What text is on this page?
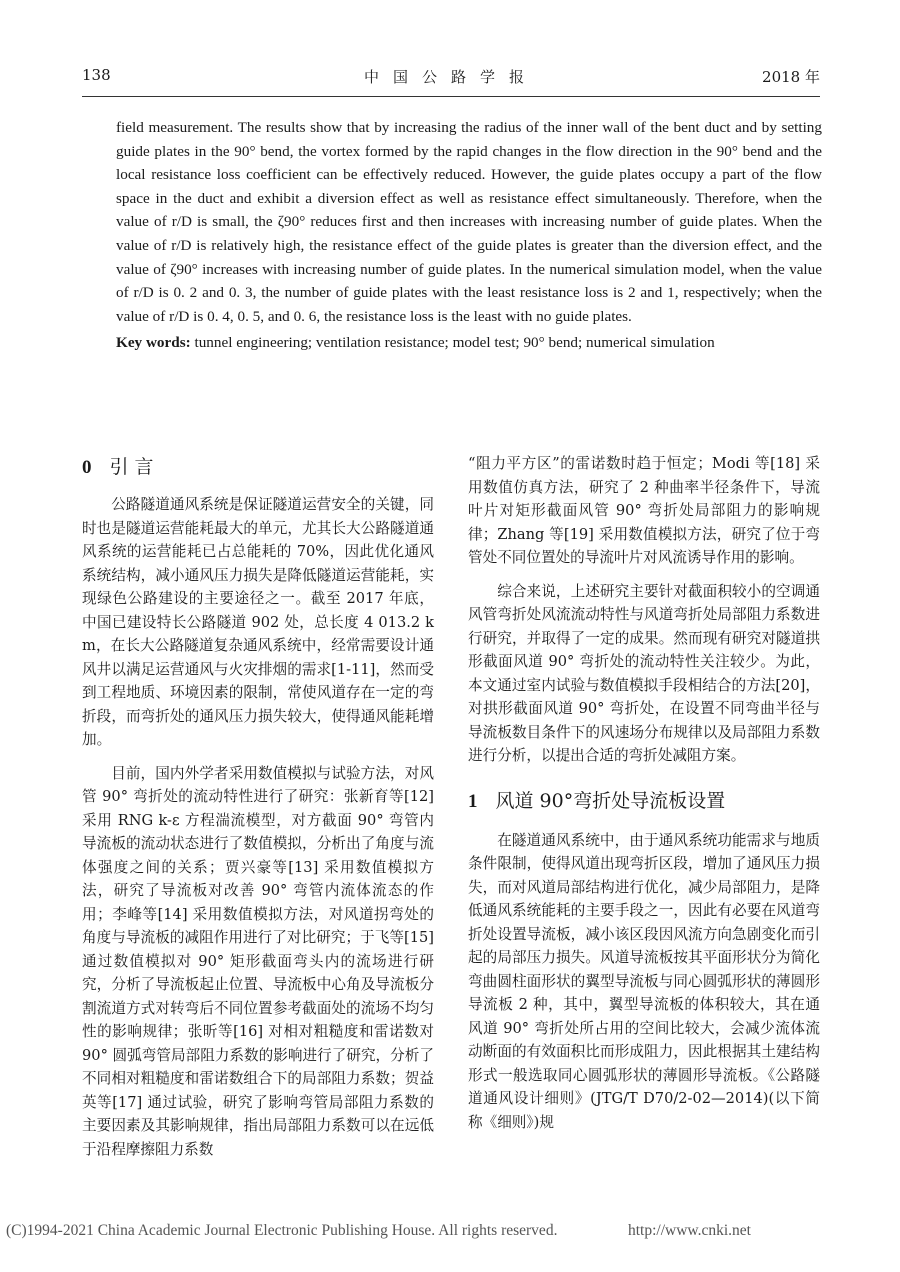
138	中国公路学报	2018 年

field measurement. The results show that by increasing the radius of the inner wall of the bent duct and by setting guide plates in the 90° bend, the vortex formed by the rapid changes in the flow direction in the 90° bend and the local resistance loss coefficient can be effectively reduced. However, the guide plates occupy a part of the flow space in the duct and exhibit a diversion effect as well as resistance effect simultaneously. Therefore, when the value of r/D is small, the ζ90° reduces first and then increases with increasing number of guide plates. When the value of r/D is relatively high, the resistance effect of the guide plates is greater than the diversion effect, and the value of ζ90° increases with increasing number of guide plates. In the numerical simulation model, when the value of r/D is 0. 2 and 0. 3, the number of guide plates with the least resistance loss is 2 and 1, respectively; when the value of r/D is 0. 4, 0. 5, and 0. 6, the resistance loss is the least with no guide plates.

Key words: tunnel engineering; ventilation resistance; model test; 90° bend; numerical simulation

0 引 言

公路隧道通风系统是保证隧道运营安全的关键，同时也是隧道运营能耗最大的单元，尤其长大公路隧道通风系统的运营能耗已占总能耗的 70%，因此优化通风系统结构，减小通风压力损失是降低隧道运营能耗，实现绿色公路建设的主要途径之一。截至 2017 年底，中国已建设特长公路隧道 902 处，总长度 4 013.2 km，在长大公路隧道复杂通风系统中，经常需要设计通风井以满足运营通风与火灾排烟的需求[1-11]，然而受到工程地质、环境因素的限制，常使风道存在一定的弯折段，而弯折处的通风压力损失较大，使得通风能耗增加。

目前，国内外学者采用数值模拟与试验方法，对风管 90° 弯折处的流动特性进行了研究：张新育等[12] 采用 RNG k-ε 方程湍流模型，对方截面 90° 弯管内导流板的流动状态进行了数值模拟，分析出了角度与流体强度之间的关系；贾兴豪等[13] 采用数值模拟方法，研究了导流板对改善 90° 弯管内流体流态的作用；李峰等[14] 采用数值模拟方法，对风道拐弯处的角度与导流板的减阻作用进行了对比研究；于飞等[15] 通过数值模拟对 90° 矩形截面弯头内的流场进行研究，分析了导流板起止位置、导流板中心角及导流板分割流道方式对转弯后不同位置参考截面处的流场不均匀性的影响规律；张昕等[16] 对相对粗糙度和雷诺数对 90° 圆弧弯管局部阻力系数的影响进行了研究，分析了不同相对粗糙度和雷诺数组合下的局部阻力系数；贺益英等[17] 通过试验，研究了影响弯管局部阻力系数的主要因素及其影响规律，指出局部阻力系数可以在远低于沿程摩擦阻力系数

“阻力平方区”的雷诺数时趋于恒定；Modi 等[18] 采用数值仿真方法，研究了 2 种曲率半径条件下，导流叶片对矩形截面风管 90° 弯折处局部阻力的影响规律；Zhang 等[19] 采用数值模拟方法，研究了位于弯管处不同位置处的导流叶片对风流诱导作用的影响。

综合来说，上述研究主要针对截面积较小的空调通风管弯折处风流流动特性与风道弯折处局部阻力系数进行研究，并取得了一定的成果。然而现有研究对隧道拱形截面风道 90° 弯折处的流动特性关注较少。为此，本文通过室内试验与数值模拟手段相结合的方法[20]，对拱形截面风道 90° 弯折处，在设置不同弯曲半径与导流板数目条件下的风速场分布规律以及局部阻力系数进行分析，以提出合适的弯折处减阻方案。

1 风道 90°弯折处导流板设置

在隧道通风系统中，由于通风系统功能需求与地质条件限制，使得风道出现弯折区段，增加了通风压力损失，而对风道局部结构进行优化，减少局部阻力，是降低通风系统能耗的主要手段之一，因此有必要在风道弯折处设置导流板，减小该区段因风流方向急剧变化而引起的局部压力损失。风道导流板按其平面形状分为简化弯曲圆柱面形状的翼型导流板与同心圆弧形状的薄圆形导流板 2 种，其中，翼型导流板的体积较大，其在通风道 90° 弯折处所占用的空间比较大，会减少流体流动断面的有效面积比而形成阻力，因此根据其土建结构形式一般选取同心圆弧形状的薄圆形导流板。《公路隧道通风设计细则》(JTG/T D70/2-02—2014)(以下简称《细则》)规

(C)1994-2021 China Academic Journal Electronic Publishing House. All rights reserved.	http://www.cnki.net
